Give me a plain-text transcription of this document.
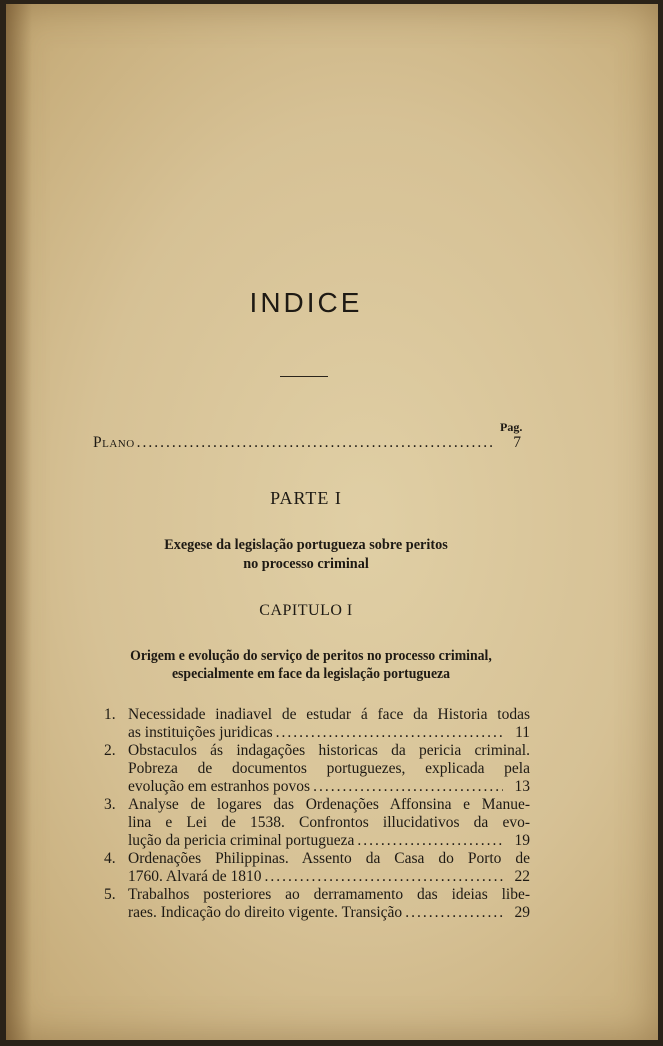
INDICE
Pag.
Plano .....	7
PARTE I
Exegese da legislação portugueza sobre peritos
no processo criminal
CAPITULO I
Origem e evolução do serviço de peritos no processo criminal,
especialmente em face da legislação portugueza
1. Necessidade inadiavel de estudar á face da Historia todas
as instituições juridicas .....	11
2. Obstaculos ás indagações historicas da pericia criminal.
Pobreza de documentos portuguezes, explicada pela
evolução em estranhos povos .....	13
3. Analyse de logares das Ordenações Affonsina e Manue-
lina e Lei de 1538. Confrontos illucidativos da evo-
lução da pericia criminal portugueza .....	19
4. Ordenações Philippinas. Assento da Casa do Porto de
1760. Alvará de 1810 .....	22
5. Trabalhos posteriores ao derramamento das ideias libe-
raes. Indicação do direito vigente. Transição .....	29
